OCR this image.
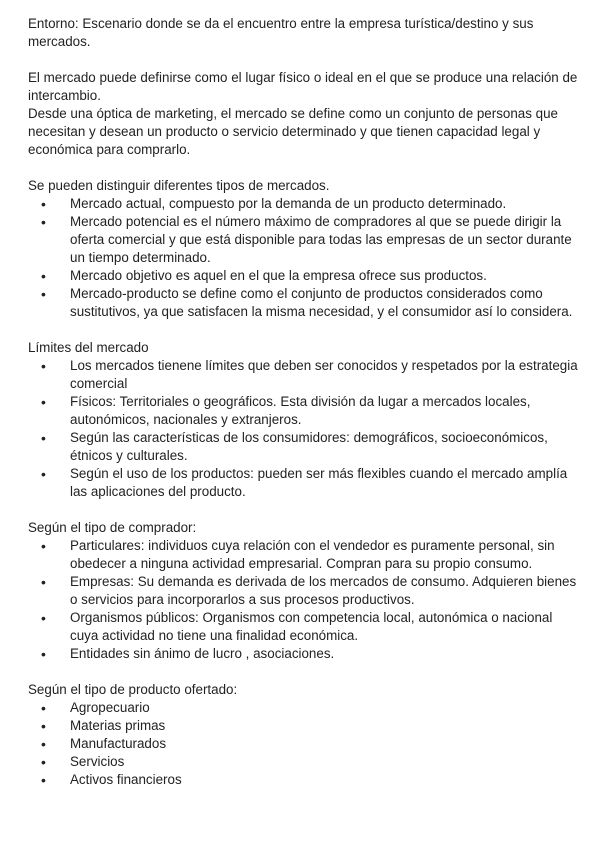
Entorno: Escenario donde se da el encuentro entre la empresa turística/destino y sus mercados.

El mercado puede definirse como el lugar físico o ideal en el que se produce una relación de intercambio.

Desde una óptica de marketing, el mercado se define como un conjunto de personas que necesitan y desean un producto o servicio determinado y que tienen capacidad legal y económica para comprarlo.

Se pueden distinguir diferentes tipos de mercados.

• Mercado actual, compuesto por la demanda de un producto determinado.
• Mercado potencial es el número máximo de compradores al que se puede dirigir la oferta comercial y que está disponible para todas las empresas de un sector durante un tiempo determinado.
• Mercado objetivo es aquel en el que la empresa ofrece sus productos.
• Mercado-producto se define como el conjunto de productos considerados como sustitutivos, ya que satisfacen la misma necesidad, y el consumidor así lo considera.

Límites del mercado

• Los mercados tienene límites que deben ser conocidos y respetados por la estrategia comercial
• Físicos: Territoriales o geográficos. Esta división da lugar a mercados locales, autonómicos, nacionales y extranjeros.
• Según las características de los consumidores: demográficos, socioeconómicos, étnicos y culturales.
• Según el uso de los productos: pueden ser más flexibles cuando el mercado amplía las aplicaciones del producto.

Según el tipo de comprador:

• Particulares: individuos cuya relación con el vendedor es puramente personal, sin obedecer a ninguna actividad empresarial. Compran para su propio consumo.
• Empresas: Su demanda es derivada de los mercados de consumo. Adquieren bienes o servicios para incorporarlos a sus procesos productivos.
• Organismos públicos: Organismos con competencia local, autonómica o nacional cuya actividad no tiene una finalidad económica.
• Entidades sin ánimo de lucro , asociaciones.

Según el tipo de producto ofertado:

• Agropecuario
• Materias primas
• Manufacturados
• Servicios
• Activos financieros
